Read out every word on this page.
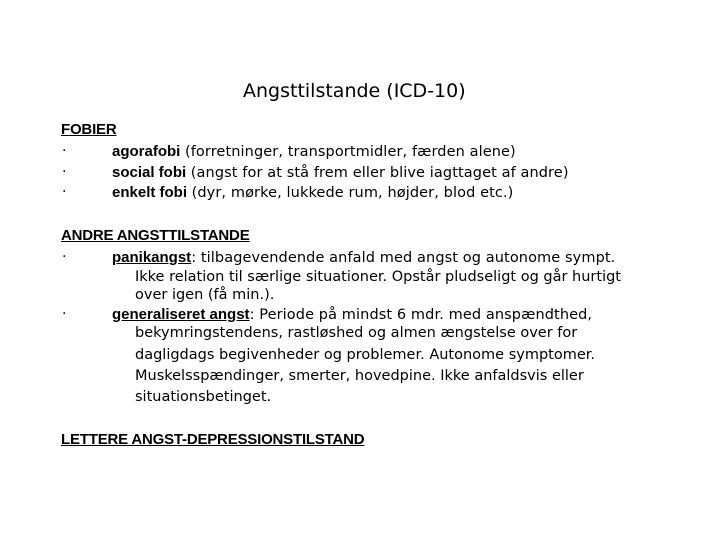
Angsttilstande (ICD-10)
FOBIER
·	agorafobi (forretninger, transportmidler, færden alene)
·	social fobi (angst for at stå frem eller blive iagttaget af andre)
·	enkelt fobi (dyr, mørke, lukkede rum, højder, blod etc.)
ANDRE ANGSTTILSTANDE
·	panikangst: tilbagevendende anfald med angst og autonome sympt.
Ikke relation til særlige situationer. Opstår pludseligt og går hurtigt
over igen (få min.).
·	generaliseret angst: Periode på mindst 6 mdr. med anspændthed,
bekymringstendens, rastløshed og almen ængstelse over for
dagligdags begivenheder og problemer. Autonome symptomer.
Muskelsspændinger, smerter, hovedpine. Ikke anfaldsvis eller
situationsbetinget.
LETTERE ANGST-DEPRESSIONSTILSTAND
